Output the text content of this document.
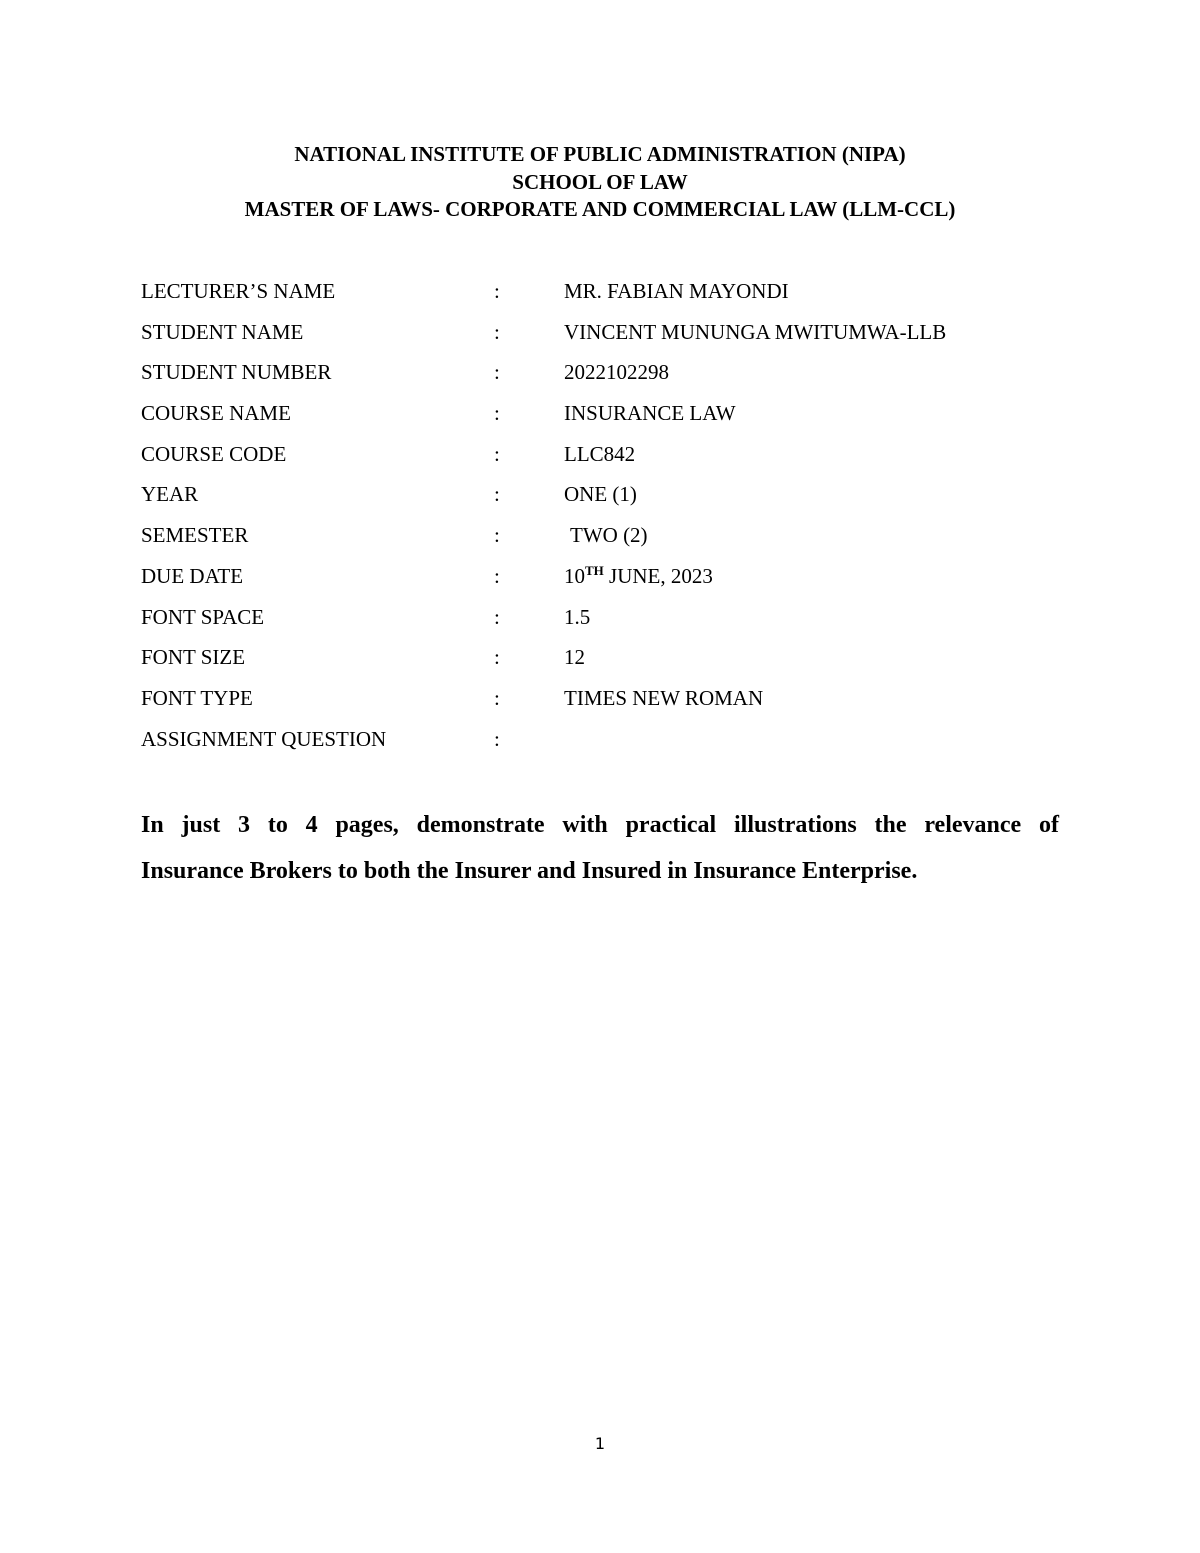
NATIONAL INSTITUTE OF PUBLIC ADMINISTRATION (NIPA)
SCHOOL OF LAW
MASTER OF LAWS- CORPORATE AND COMMERCIAL LAW (LLM-CCL)
LECTURER’S NAME	:	MR. FABIAN MAYONDI
STUDENT NAME	:	VINCENT MUNUNGA MWITUMWA-LLB
STUDENT NUMBER	:	2022102298
COURSE NAME	:	INSURANCE LAW
COURSE CODE	:	LLC842
YEAR	:	ONE (1)
SEMESTER	:	TWO (2)
DUE DATE	:	10TH JUNE, 2023
FONT SPACE	:	1.5
FONT SIZE	:	12
FONT TYPE	:	TIMES NEW ROMAN
ASSIGNMENT QUESTION	:
In just 3 to 4 pages, demonstrate with practical illustrations the relevance of
Insurance Brokers to both the Insurer and Insured in Insurance Enterprise.
1
